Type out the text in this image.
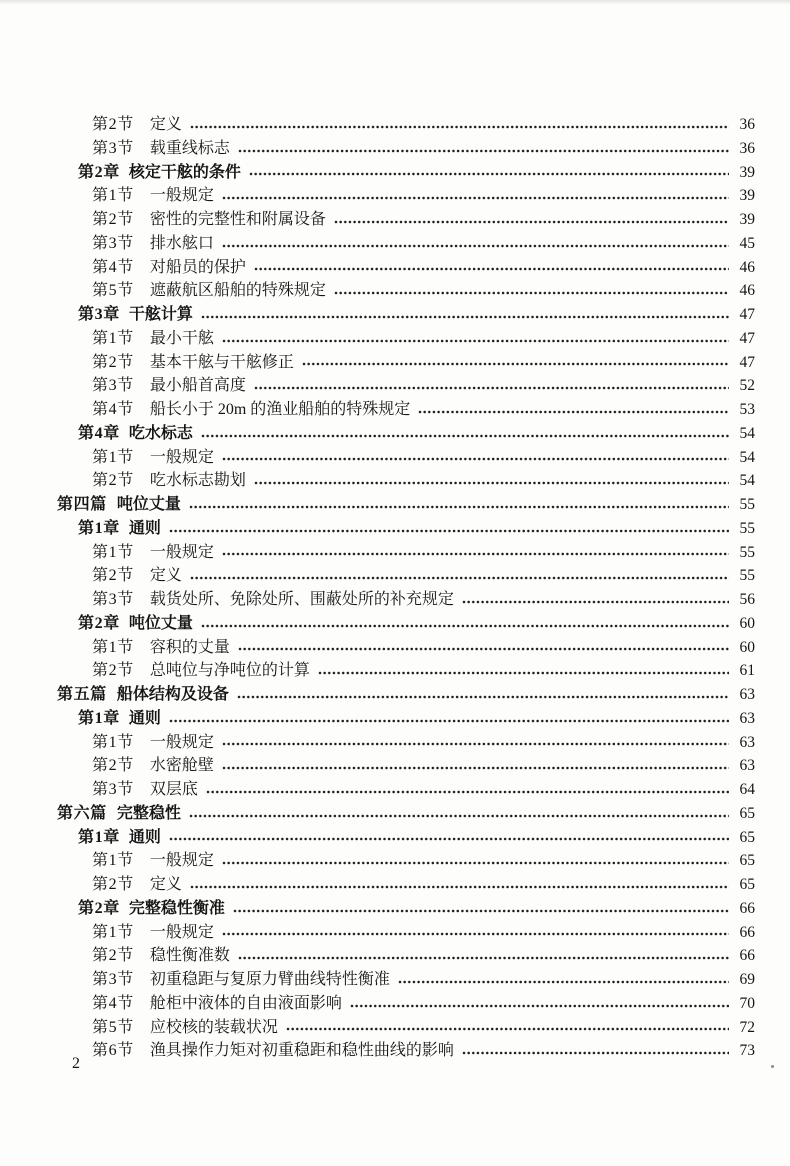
第2节 定义	36
第3节 载重线标志	36
第2章 核定干舷的条件	39
第1节 一般规定	39
第2节 密性的完整性和附属设备	39
第3节 排水舷口	45
第4节 对船员的保护	46
第5节 遮蔽航区船舶的特殊规定	46
第3章 干舷计算	47
第1节 最小干舷	47
第2节 基本干舷与干舷修正	47
第3节 最小船首高度	52
第4节 船长小于 20m 的渔业船舶的特殊规定	53
第4章 吃水标志	54
第1节 一般规定	54
第2节 吃水标志勘划	54
第四篇 吨位丈量	55
第1章 通则	55
第1节 一般规定	55
第2节 定义	55
第3节 载货处所、免除处所、围蔽处所的补充规定	56
第2章 吨位丈量	60
第1节 容积的丈量	60
第2节 总吨位与净吨位的计算	61
第五篇 船体结构及设备	63
第1章 通则	63
第1节 一般规定	63
第2节 水密舱壁	63
第3节 双层底	64
第六篇 完整稳性	65
第1章 通则	65
第1节 一般规定	65
第2节 定义	65
第2章 完整稳性衡准	66
第1节 一般规定	66
第2节 稳性衡准数	66
第3节 初重稳距与复原力臂曲线特性衡准	69
第4节 舱柜中液体的自由液面影响	70
第5节 应校核的装载状况	72
第6节 渔具操作力矩对初重稳距和稳性曲线的影响	73
2
